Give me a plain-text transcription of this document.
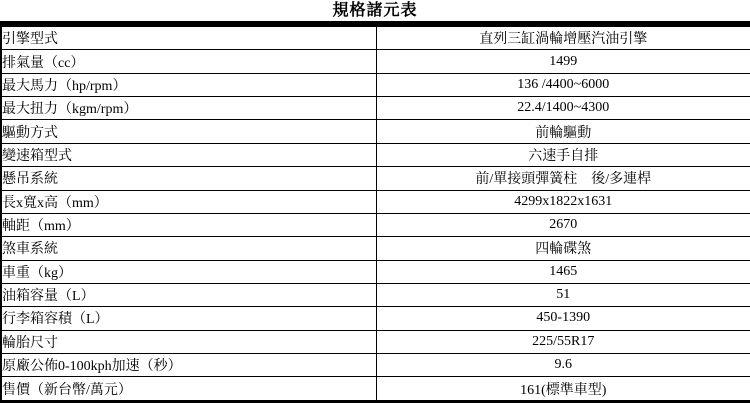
規格諸元表
引擎型式	直列三缸渦輪增壓汽油引擎
排氣量（cc）	1499
最大馬力（hp/rpm）	136 /4400~6000
最大扭力（kgm/rpm）	22.4/1400~4300
驅動方式	前輪驅動
變速箱型式	六速手自排
懸吊系統	前/單接頭彈簧柱　後/多連桿
長x寬x高（mm）	4299x1822x1631
軸距（mm）	2670
煞車系統	四輪碟煞
車重（kg）	1465
油箱容量（L）	51
行李箱容積（L）	450-1390
輪胎尺寸	225/55R17
原廠公佈0-100kph加速（秒）	9.6
售價（新台幣/萬元）	161(標準車型)
